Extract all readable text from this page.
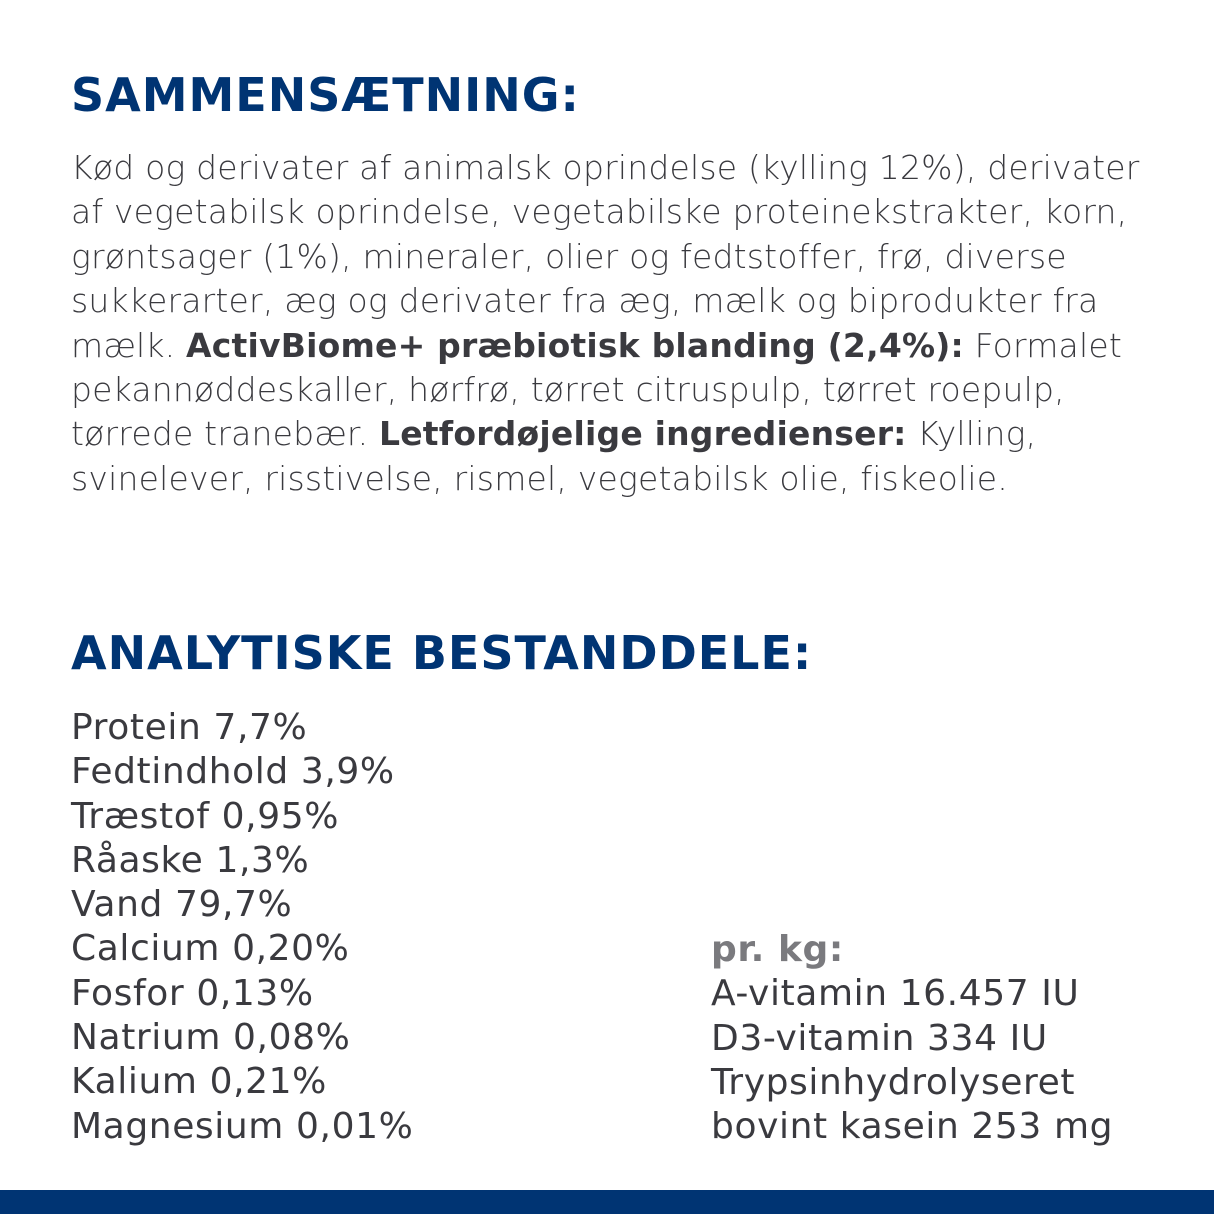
SAMMENSÆTNING:

Kød og derivater af animalsk oprindelse (kylling 12%), derivater af vegetabilsk oprindelse, vegetabilske proteinekstrakter, korn, grøntsager (1%), mineraler, olier og fedtstoffer, frø, diverse sukkerarter, æg og derivater fra æg, mælk og biprodukter fra mælk. ActivBiome+ præbiotisk blanding (2,4%): Formalet pekannøddeskaller, hørfrø, tørret citruspulp, tørret roepulp, tørrede tranebær. Letfordøjelige ingredienser: Kylling, svinelever, risstivelse, rismel, vegetabilsk olie, fiskeolie.

ANALYTISKE BESTANDDELE:
Protein 7,7%
Fedtindhold 3,9%
Træstof 0,95%
Råaske 1,3%
Vand 79,7%
Calcium 0,20%
Fosfor 0,13%
Natrium 0,08%
Kalium 0,21%
Magnesium 0,01%
pr. kg:
A-vitamin 16.457 IU
D3-vitamin 334 IU
Trypsinhydrolyseret
bovint kasein 253 mg
